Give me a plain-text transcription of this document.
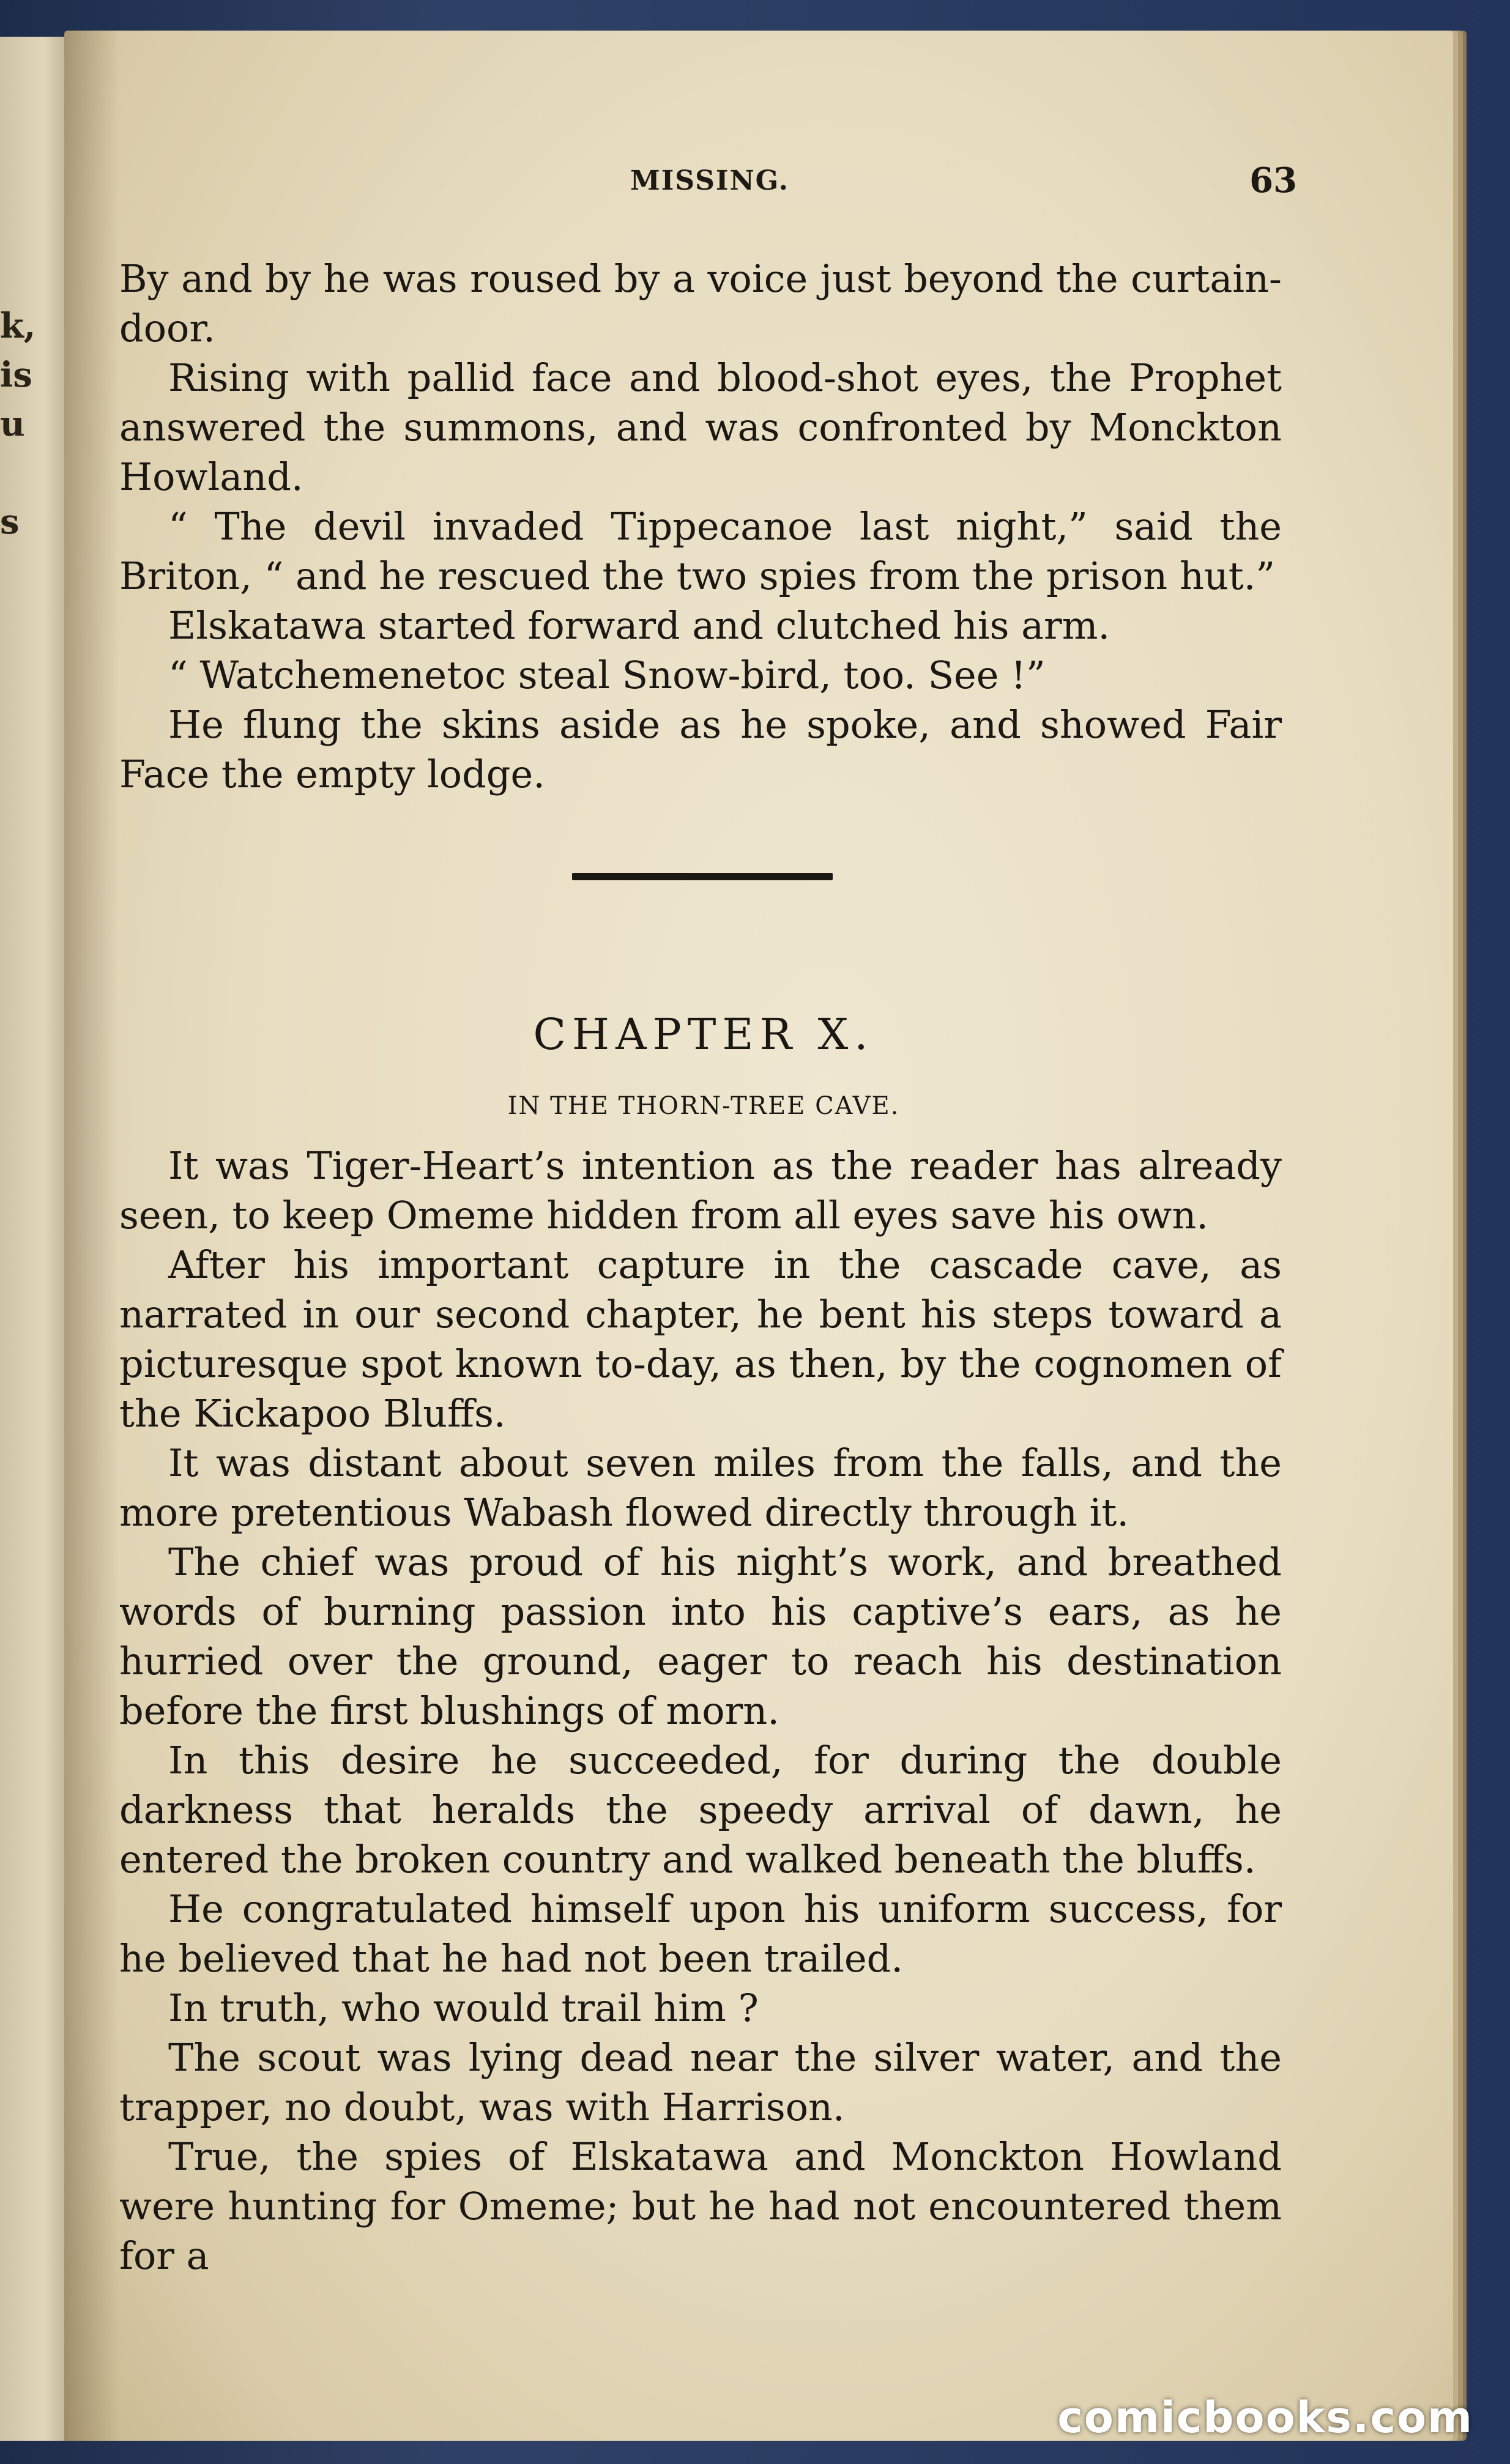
k,
is
u
s
MISSING.	63

By and by he was roused by a voice just beyond the curtain-door.

Rising with pallid face and blood-shot eyes, the Prophet answered the summons, and was confronted by Monckton Howland.

“ The devil invaded Tippecanoe last night,” said the Briton, “ and he rescued the two spies from the prison hut.”

Elskatawa started forward and clutched his arm.

“ Watchemenetoc steal Snow-bird, too. See !”

He flung the skins aside as he spoke, and showed Fair Face the empty lodge.

CHAPTER X.
IN THE THORN-TREE CAVE.

It was Tiger-Heart’s intention as the reader has already seen, to keep Omeme hidden from all eyes save his own.

After his important capture in the cascade cave, as narrated in our second chapter, he bent his steps toward a picturesque spot known to-day, as then, by the cognomen of the Kickapoo Bluffs.

It was distant about seven miles from the falls, and the more pretentious Wabash flowed directly through it.

The chief was proud of his night’s work, and breathed words of burning passion into his captive’s ears, as he hurried over the ground, eager to reach his destination before the first blushings of morn.

In this desire he succeeded, for during the double darkness that heralds the speedy arrival of dawn, he entered the broken country and walked beneath the bluffs.

He congratulated himself upon his uniform success, for he believed that he had not been trailed.

In truth, who would trail him ?

The scout was lying dead near the silver water, and the trapper, no doubt, was with Harrison.

True, the spies of Elskatawa and Monckton Howland were hunting for Omeme; but he had not encountered them for a

comicbooks.com
